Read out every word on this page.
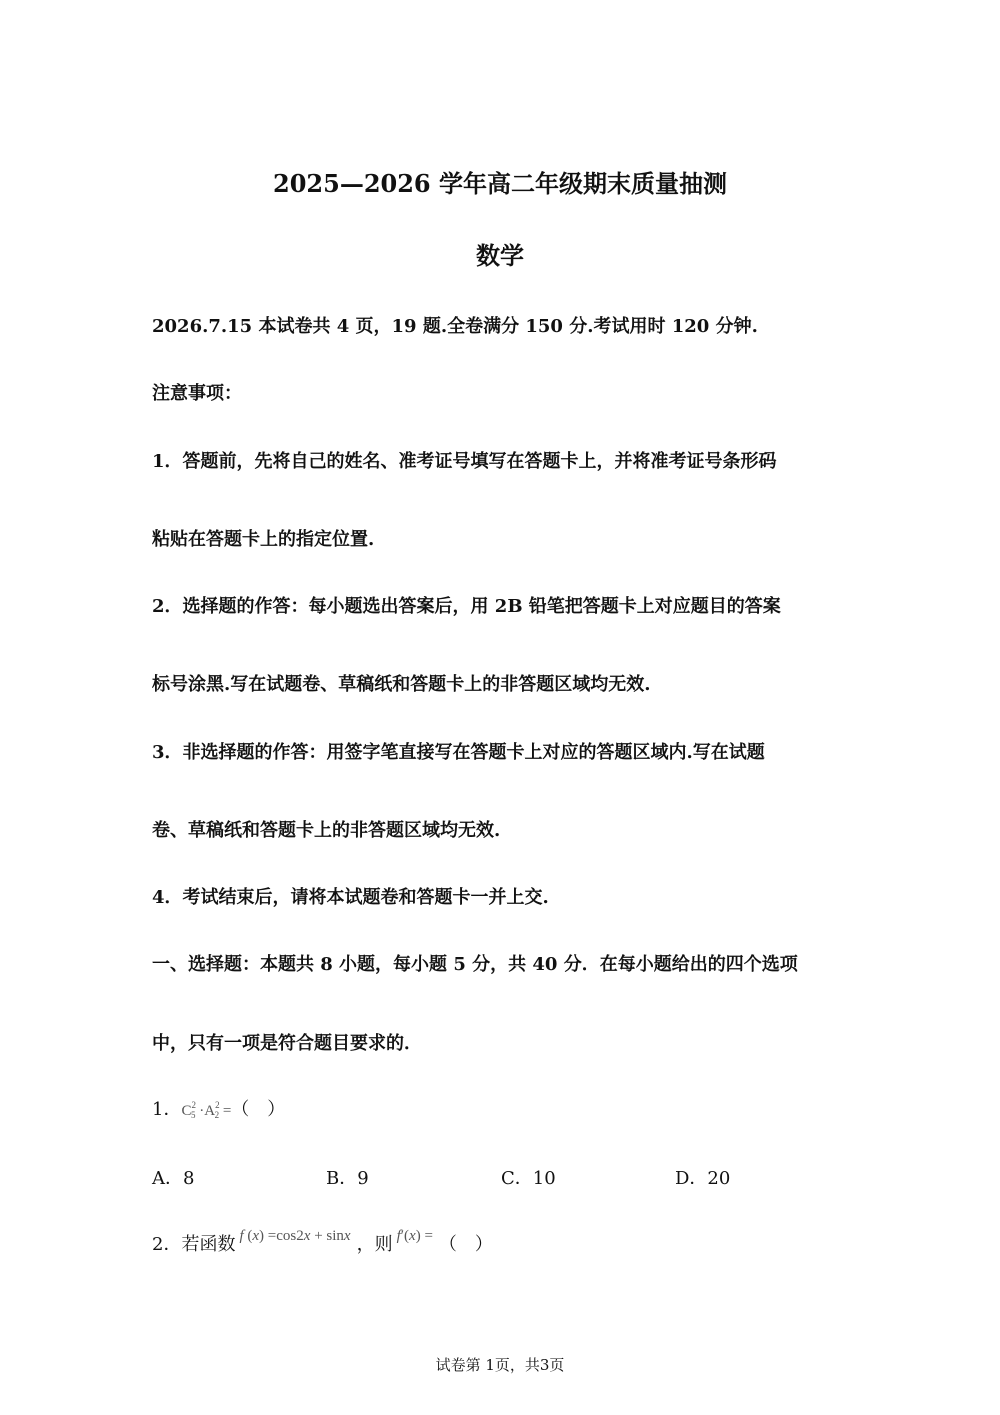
2025—2026 学年高二年级期末质量抽测
数学
2026.7.15 本试卷共 4 页，19 题.全卷满分 150 分.考试用时 120 分钟.
注意事项：
1．答题前，先将自己的姓名、准考证号填写在答题卡上，并将准考证号条形码
粘贴在答题卡上的指定位置.
2．选择题的作答：每小题选出答案后，用 2B 铅笔把答题卡上对应题目的答案
标号涂黑.写在试题卷、草稿纸和答题卡上的非答题区域均无效.
3．非选择题的作答：用签字笔直接写在答题卡上对应的答题区域内.写在试题
卷、草稿纸和答题卡上的非答题区域均无效.
4．考试结束后，请将本试题卷和答题卡一并上交.
一、选择题：本题共 8 小题，每小题 5 分，共 40 分．在每小题给出的四个选项
中，只有一项是符合题目要求的．
1．$C^2_5 \cdot A^2_2$ =（　）
A．8	B．9	C．10	D．20
2．若函数 $^{f (x) =cos2x + sinx}$ ，则 $^{f'(x) =}$ （　）
试卷第 1页，共3页
